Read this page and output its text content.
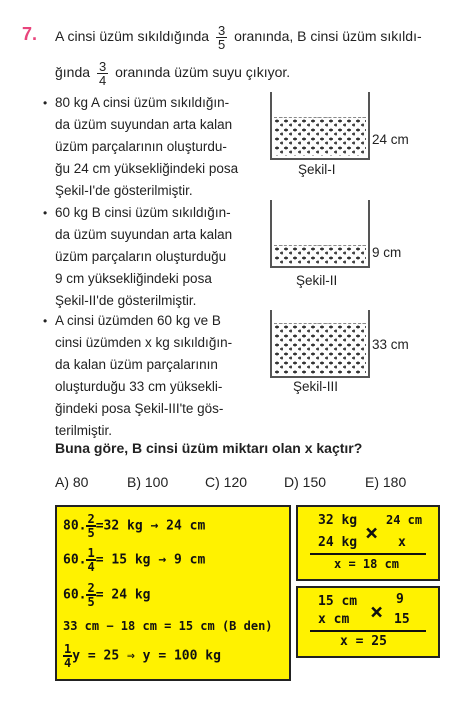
7. A cinsi üzüm sıkıldığında $\frac{3}{5}$ oranında, B cinsi üzüm sıkıldı-
ğında $\frac{3}{4}$ oranında üzüm suyu çıkıyor.
• 80 kg A cinsi üzüm sıkıldığın-
da üzüm suyundan arta kalan
üzüm parçalarının oluşturdu-
ğu 24 cm yüksekliğindeki posa
Şekil-I'de gösterilmiştir.
• 60 kg B cinsi üzüm sıkıldığın-
da üzüm suyundan arta kalan
üzüm parçaların oluşturduğu
9 cm yüksekliğindeki posa
Şekil-II'de gösterilmiştir.
• A cinsi üzümden 60 kg ve B
cinsi üzümden x kg sıkıldığın-
da kalan üzüm parçalarının
oluşturduğu 33 cm yüksekli-
ğindeki posa Şekil-III'te gös-
terilmiştir.
24 cm
Şekil-I
9 cm
Şekil-II
33 cm
Şekil-III
Buna göre, B cinsi üzüm miktarı olan x kaçtır?
A) 80	B) 100	C) 120	D) 150	E) 180
80. $\frac{2}{5} =32$ kg → 24 cm
60. $\frac{1}{4} = 15$ kg → 9 cm
60. $\frac{2}{5} = 24$ kg
33 cm − 18 cm = 15 cm (B den)
$\frac{1}{4}$ y = 25 ⇒ y = 100 kg
32 kg 24 cm
×
24 kg	x
x = 18 cm
15 cm	9
×
x cm	15
x = 25
